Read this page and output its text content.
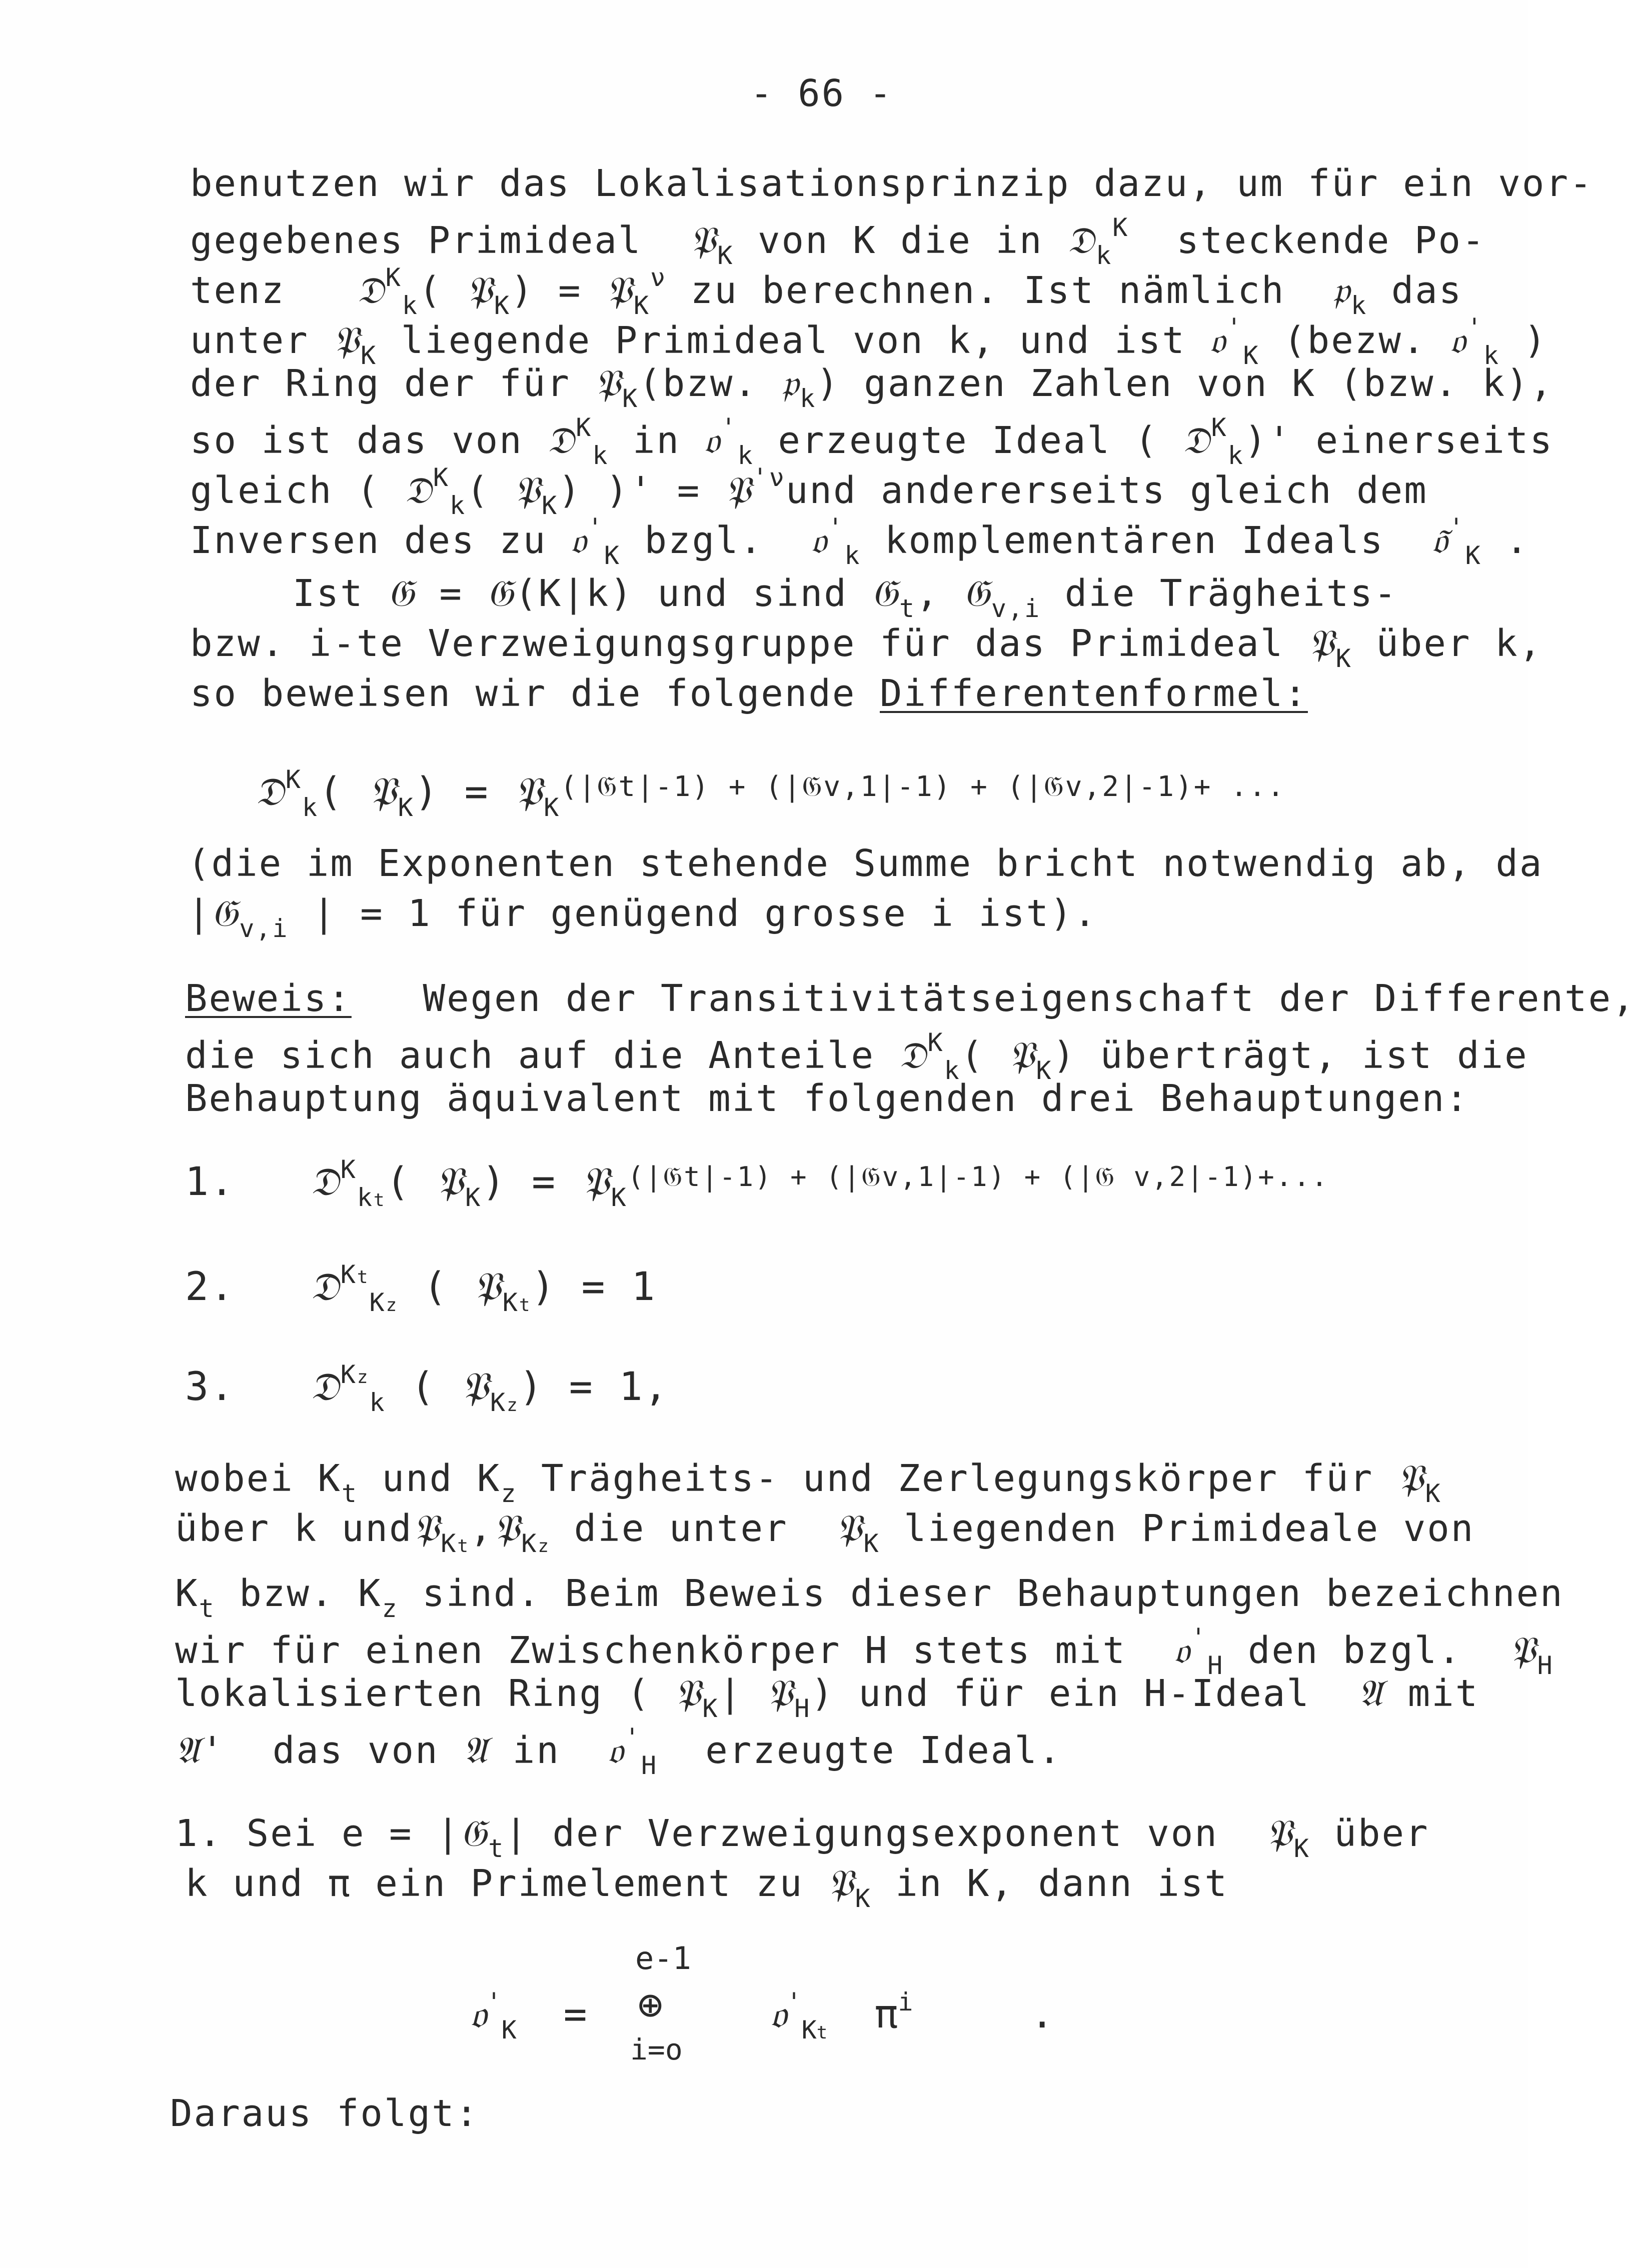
- 66 -
benutzen wir das Lokalisationsprinzip dazu, um für ein vor-
gegebenes Primideal 𝔓$_K$ von K die in 𝔇$_k^K$ steckende Po-
tenz 𝔇$^K_k$( 𝔓$_K$) = 𝔓$_K^\nu$ zu berechnen. Ist nämlich 𝔭$_k$ das
unter 𝔓$_K$ liegende Primideal von k, und ist 𝔬'$_K$ (bezw. 𝔬'$_k$ )
der Ring der für 𝔓$_K$(bzw. 𝔭$_k$) ganzen Zahlen von K (bzw. k),
so ist das von 𝔇$^K_k$ in 𝔬'$_k$ erzeugte Ideal ( 𝔇$^K_k$)' einerseits
gleich ( 𝔇$^K_k$( 𝔓$_K$) )' = 𝔓$^{'\nu}$und andererseits gleich dem
Inversen des zu 𝔬'$_K$ bzgl. 𝔬'$_k$ komplementären Ideals $𝔬̃'_K$ .
Ist 𝔊 = 𝔊(K|k) und sind 𝔊$_t$, 𝔊$_{v,i}$ die Trägheits-
bzw. i-te Verzweigungsgruppe für das Primideal 𝔓$_K$ über k,
so beweisen wir die folgende Differentenformel:
𝔇$^K_k$( 𝔓$_K$) = 𝔓$_K^{(|𝔊t|-1) + (|𝔊v,1|-1) + (|𝔊v,2|-1)+ ...}$
(die im Exponenten stehende Summe bricht notwendig ab, da
|𝔊$_{v,i}$ | = 1 für genügend grosse i ist).
Beweis: Wegen der Transitivitätseigenschaft der Differente,
die sich auch auf die Anteile 𝔇$^K_k$( 𝔓$_K$) überträgt, ist die
Behauptung äquivalent mit folgenden drei Behauptungen:
1. 𝔇$^K_{kt}$( 𝔓$_K$) = 𝔓$_K^{(|𝔊t|-1) + (|𝔊v,1|-1) + (|𝔊 v,2|-1)+...}$
2. 𝔇$^{Kt}_{Kz}$ ( 𝔓$_{Kt}$) = 1
3. 𝔇$^{Kz}_k$ ( 𝔓$_{Kz}$) = 1,
wobei $K_t$ und $K_z$ Trägheits- und Zerlegungskörper für 𝔓$_K$
über k und𝔓$_{Kt}$,𝔓$_{Kz}$ die unter 𝔓$_K$ liegenden Primideale von
$K_t$ bzw. $K_z$ sind. Beim Beweis dieser Behauptungen bezeichnen
wir für einen Zwischenkörper H stets mit 𝔬'$_H$ den bzgl. 𝔓$_H$
lokalisierten Ring ( 𝔓$_K$| 𝔓$_H$) und für ein H-Ideal 𝔄 mit
𝔄'  das von 𝔄 in 𝔬'$_H$ erzeugte Ideal.
1. Sei e = |𝔊$_t$| der Verzweigungsexponent von 𝔓$_K$ über
k und π ein Primelement zu 𝔓$_K$ in K, dann ist
𝔬'$_K$ =
e-1
⊕
i=o
𝔬'$_{Kt}$  $\pi^i$	.
Daraus folgt:
